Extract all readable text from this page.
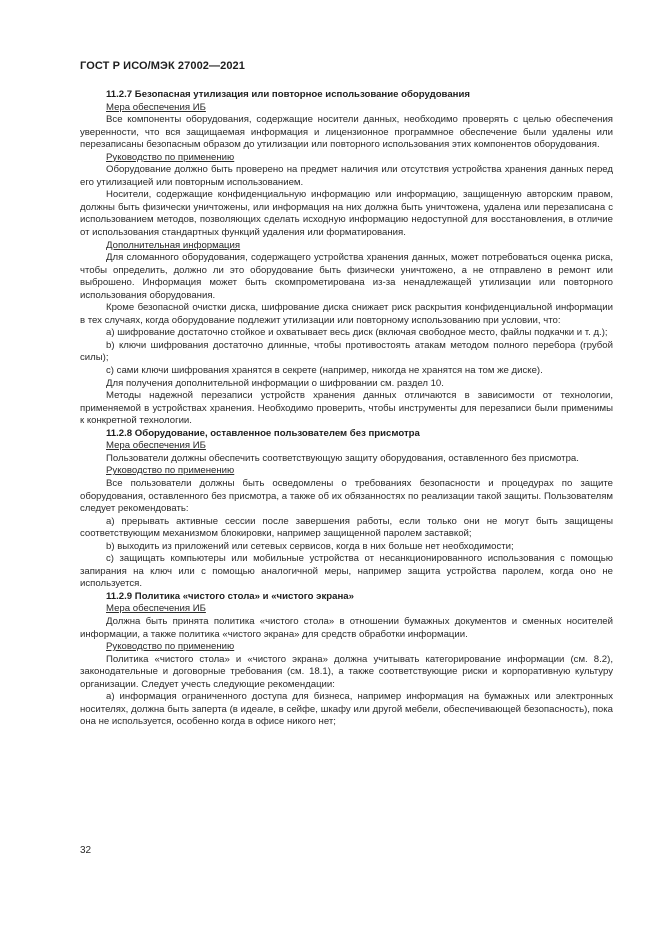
ГОСТ Р ИСО/МЭК 27002—2021

11.2.7 Безопасная утилизация или повторное использование оборудования

Мера обеспечения ИБ

Все компоненты оборудования, содержащие носители данных, необходимо проверять с целью обеспечения уверенности, что вся защищаемая информация и лицензионное программное обеспечение были удалены или перезаписаны безопасным образом до утилизации или повторного использования этих компонентов оборудования.

Руководство по применению

Оборудование должно быть проверено на предмет наличия или отсутствия устройства хранения данных перед его утилизацией или повторным использованием.

Носители, содержащие конфиденциальную информацию или информацию, защищенную авторским правом, должны быть физически уничтожены, или информация на них должна быть уничтожена, удалена или перезаписана с использованием методов, позволяющих сделать исходную информацию недоступной для восстановления, в отличие от использования стандартных функций удаления или форматирования.

Дополнительная информация

Для сломанного оборудования, содержащего устройства хранения данных, может потребоваться оценка риска, чтобы определить, должно ли это оборудование быть физически уничтожено, а не отправлено в ремонт или выброшено. Информация может быть скомпрометирована из-за ненадлежащей утилизации или повторного использования оборудования.

Кроме безопасной очистки диска, шифрование диска снижает риск раскрытия конфиденциальной информации в тех случаях, когда оборудование подлежит утилизации или повторному использованию при условии, что:

a) шифрование достаточно стойкое и охватывает весь диск (включая свободное место, файлы подкачки и т. д.);

b) ключи шифрования достаточно длинные, чтобы противостоять атакам методом полного перебора (грубой силы);

c) сами ключи шифрования хранятся в секрете (например, никогда не хранятся на том же диске).

Для получения дополнительной информации о шифровании см. раздел 10.

Методы надежной перезаписи устройств хранения данных отличаются в зависимости от технологии, применяемой в устройствах хранения. Необходимо проверить, чтобы инструменты для перезаписи были применимы к конкретной технологии.

11.2.8 Оборудование, оставленное пользователем без присмотра

Мера обеспечения ИБ

Пользователи должны обеспечить соответствующую защиту оборудования, оставленного без присмотра.

Руководство по применению

Все пользователи должны быть осведомлены о требованиях безопасности и процедурах по защите оборудования, оставленного без присмотра, а также об их обязанностях по реализации такой защиты. Пользователям следует рекомендовать:

a) прерывать активные сессии после завершения работы, если только они не могут быть защищены соответствующим механизмом блокировки, например защищенной паролем заставкой;

b) выходить из приложений или сетевых сервисов, когда в них больше нет необходимости;

c) защищать компьютеры или мобильные устройства от несанкционированного использования с помощью запирания на ключ или с помощью аналогичной меры, например защита устройства паролем, когда оно не используется.

11.2.9 Политика «чистого стола» и «чистого экрана»

Мера обеспечения ИБ

Должна быть принята политика «чистого стола» в отношении бумажных документов и сменных носителей информации, а также политика «чистого экрана» для средств обработки информации.

Руководство по применению

Политика «чистого стола» и «чистого экрана» должна учитывать категорирование информации (см. 8.2), законодательные и договорные требования (см. 18.1), а также соответствующие риски и корпоративную культуру организации. Следует учесть следующие рекомендации:

a) информация ограниченного доступа для бизнеса, например информация на бумажных или электронных носителях, должна быть заперта (в идеале, в сейфе, шкафу или другой мебели, обеспечивающей безопасность), пока она не используется, особенно когда в офисе никого нет;

32
